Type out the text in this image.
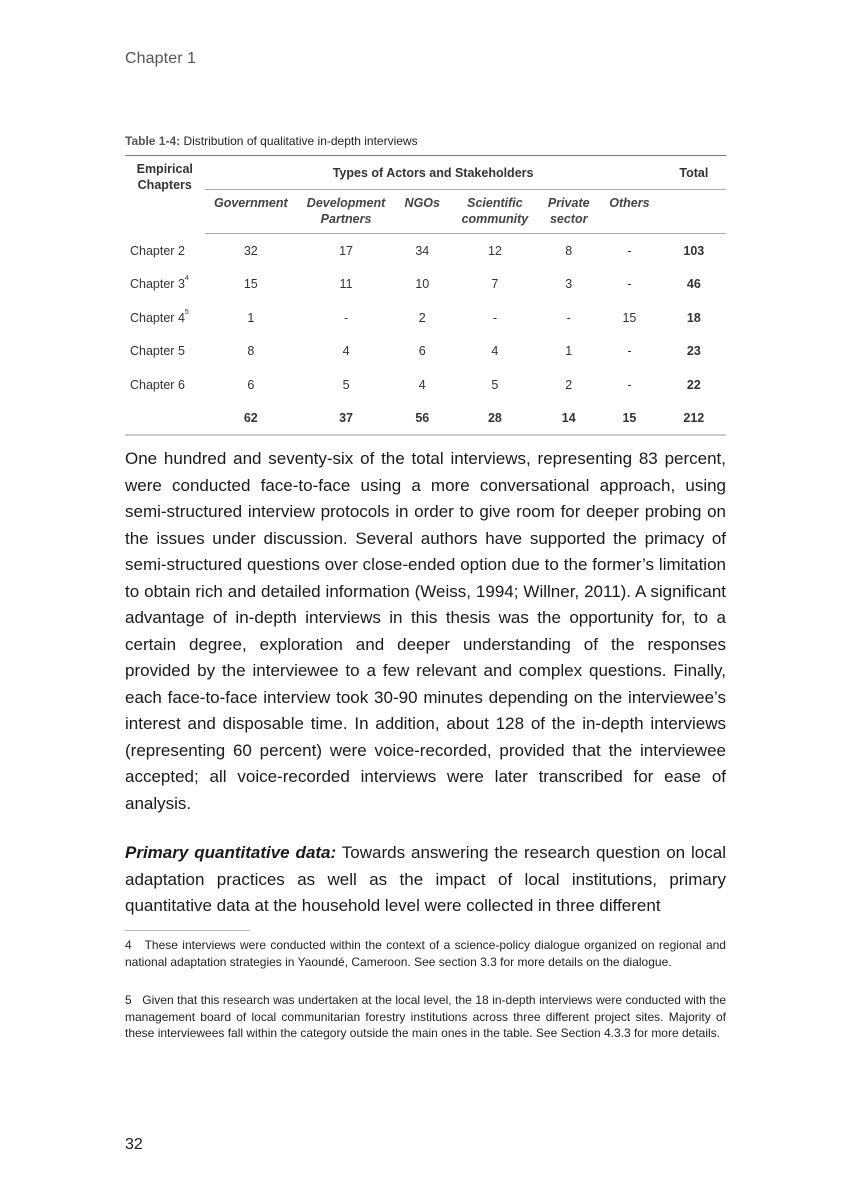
Chapter 1
Table 1-4: Distribution of qualitative in-depth interviews
Empirical Chapters	Types of Actors and Stakeholders						Total
	Government	Development Partners	NGOs	Scientific community	Private sector	Others	
Chapter 2	32	17	34	12	8	-	103
Chapter $3^4$	15	11	10	7	3	-	46
Chapter $4^5$	1	-	2	-	-	15	18
Chapter 5	8	4	6	4	1	-	23
Chapter 6	6	5	4	5	2	-	22
	62	37	56	28	14	15	212

One hundred and seventy-six of the total interviews, representing 83 percent, were conducted face-to-face using a more conversational approach, using semi-structured interview protocols in order to give room for deeper probing on the issues under discussion. Several authors have supported the primacy of semi-structured questions over close-ended option due to the former’s limitation to obtain rich and detailed information (Weiss, 1994; Willner, 2011). A significant advantage of in-depth interviews in this thesis was the opportunity for, to a certain degree, exploration and deeper understanding of the responses provided by the interviewee to a few relevant and complex questions. Finally, each face-to-face interview took 30-90 minutes depending on the interviewee’s interest and disposable time. In addition, about 128 of the in-depth interviews (representing 60 percent) were voice-recorded, provided that the interviewee accepted; all voice-recorded interviews were later transcribed for ease of analysis.

Primary quantitative data: Towards answering the research question on local adaptation practices as well as the impact of local institutions, primary quantitative data at the household level were collected in three different

4 These interviews were conducted within the context of a science-policy dialogue organized on regional and national adaptation strategies in Yaoundé, Cameroon. See section 3.3 for more details on the dialogue.
5 Given that this research was undertaken at the local level, the 18 in-depth interviews were conducted with the management board of local communitarian forestry institutions across three different project sites. Majority of these interviewees fall within the category outside the main ones in the table. See Section 4.3.3 for more details.
32
